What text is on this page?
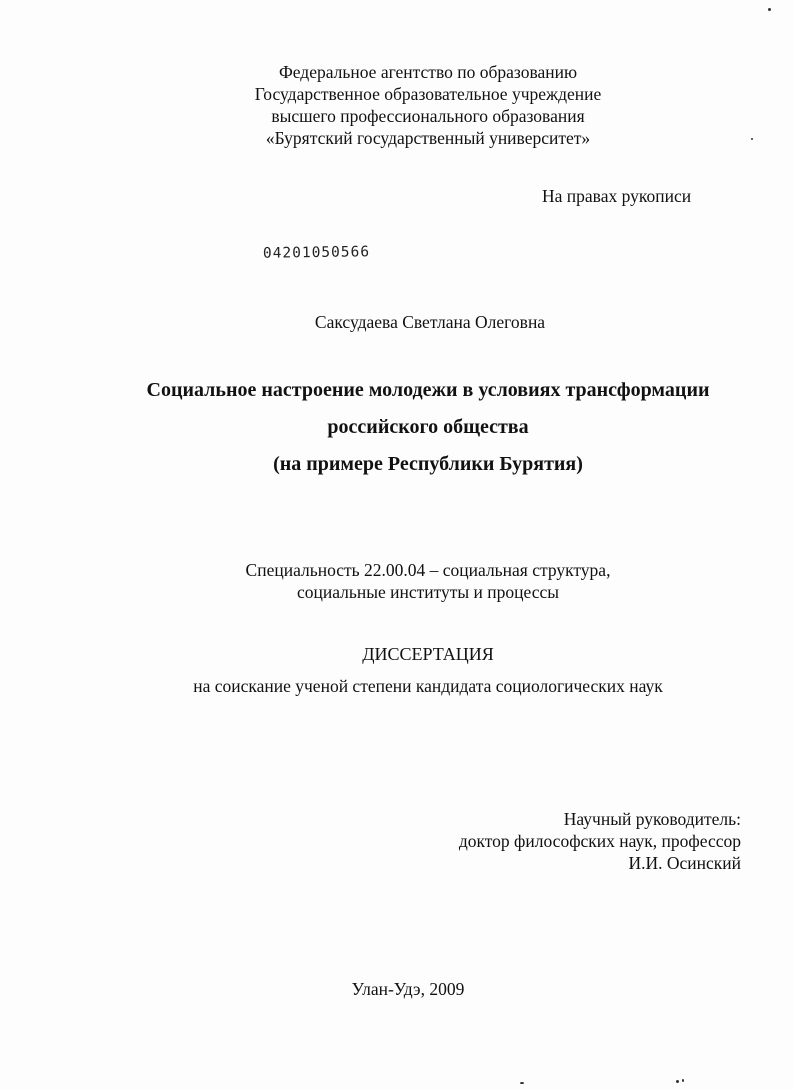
Федеральное агентство по образованию
Государственное образовательное учреждение
высшего профессионального образования
«Бурятский государственный университет»
На правах рукописи
04201050566
Саксудаева Светлана Олеговна
Социальное настроение молодежи в условиях трансформации
российского общества
(на примере Республики Бурятия)
Специальность 22.00.04 – социальная структура,
социальные институты и процессы
ДИССЕРТАЦИЯ
на соискание ученой степени кандидата социологических наук
Научный руководитель:
доктор философских наук, профессор
И.И. Осинский
Улан-Удэ, 2009
